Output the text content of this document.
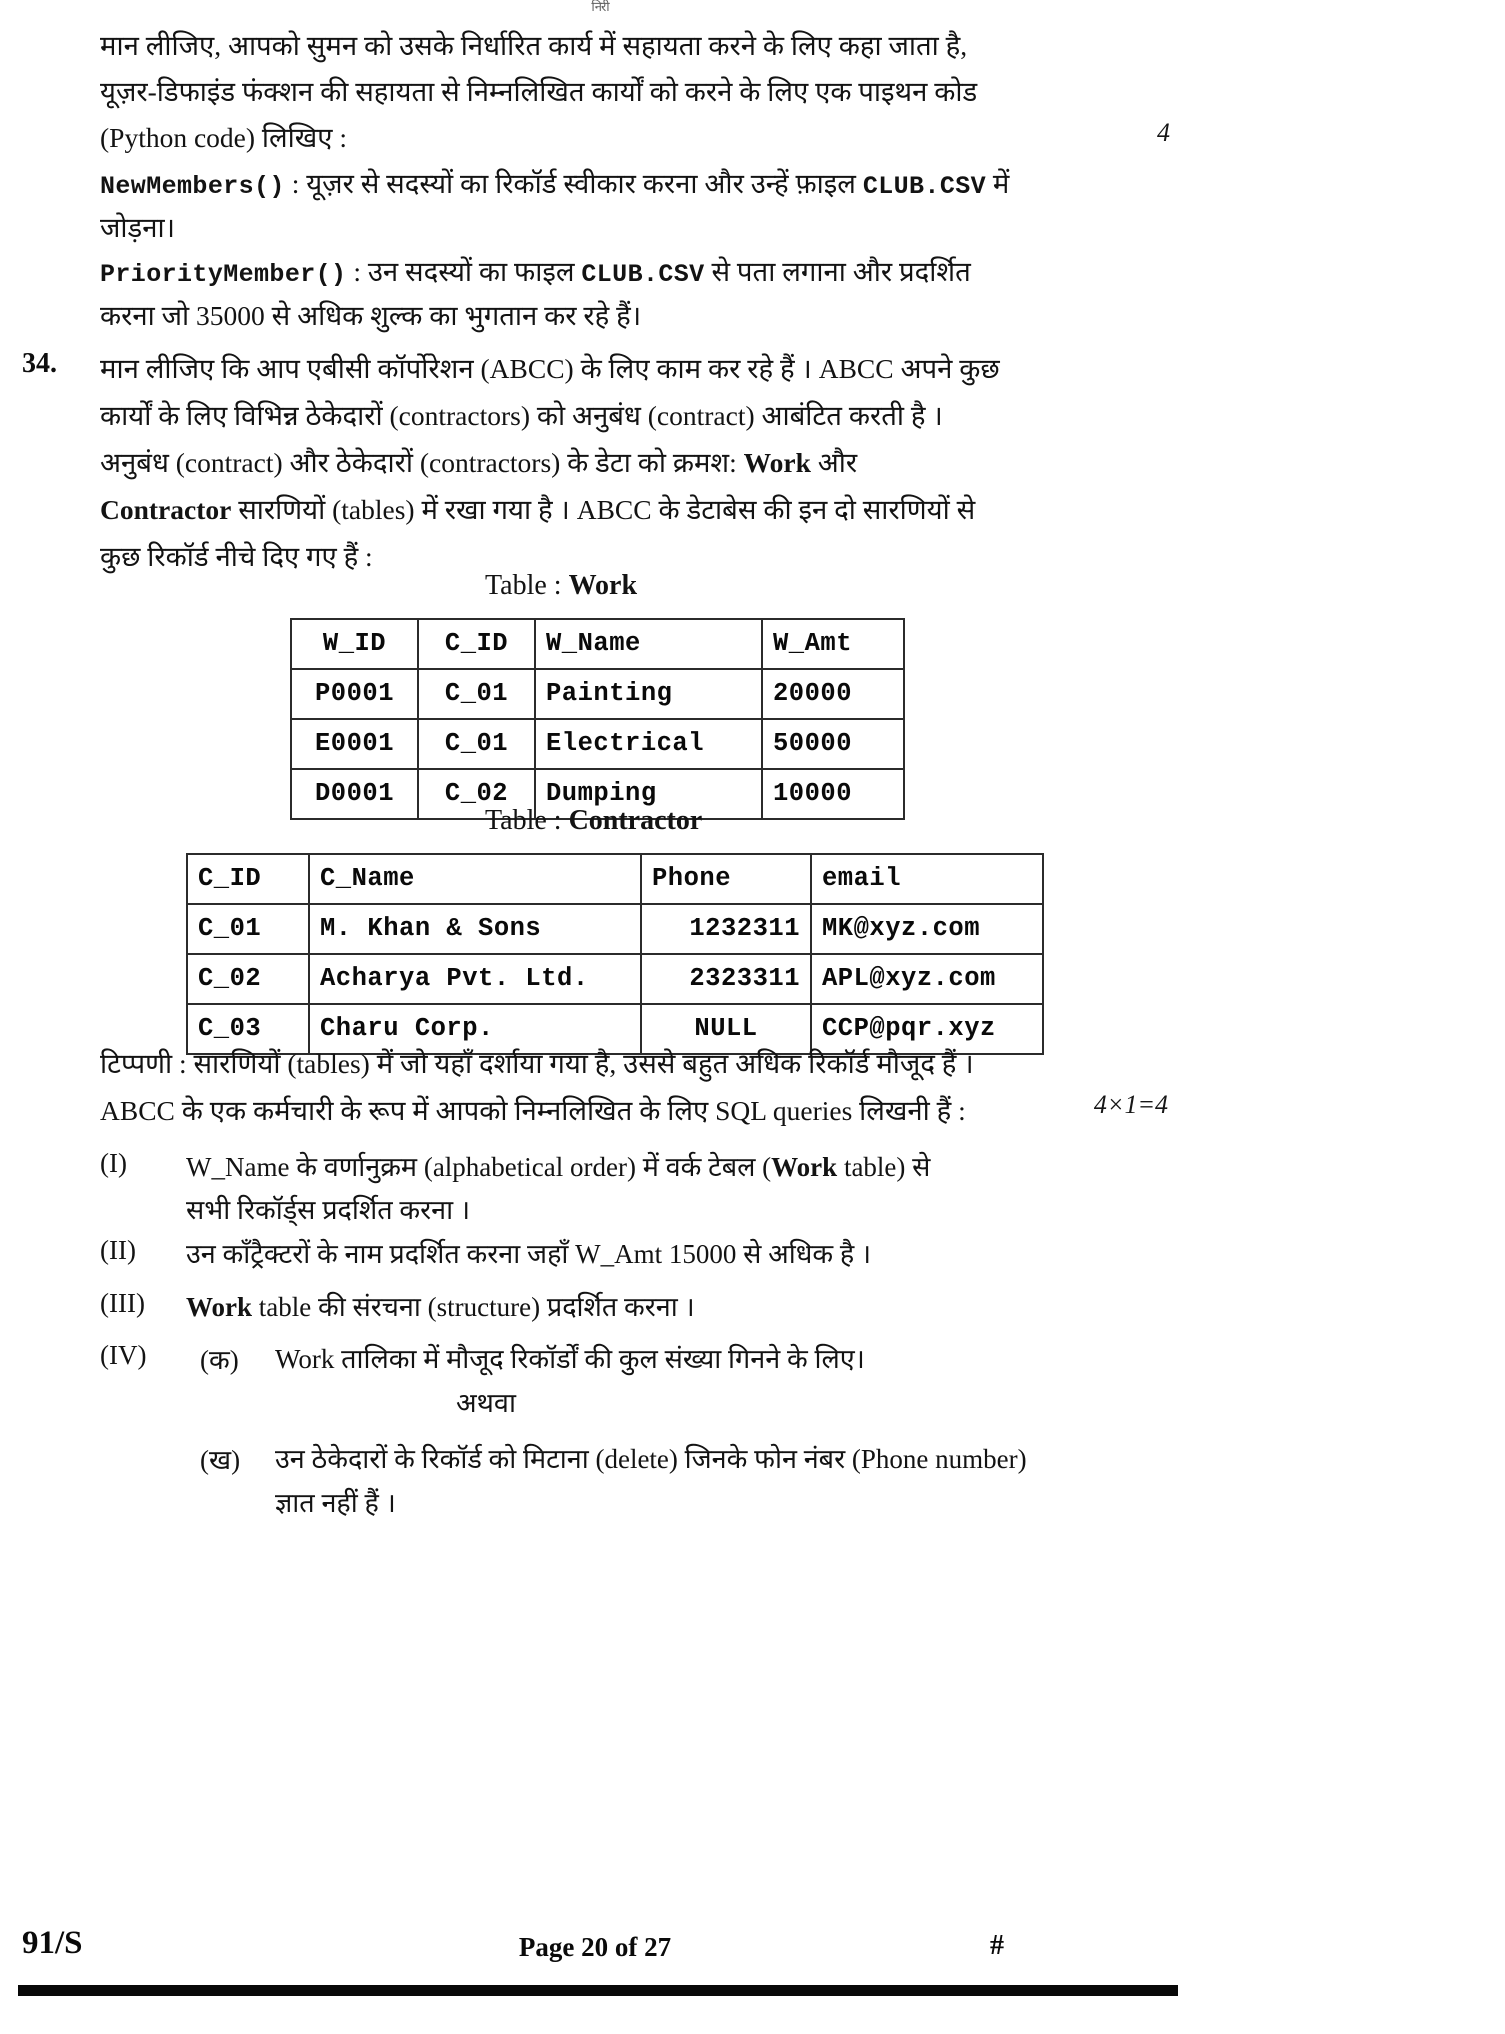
निरी
मान लीजिए, आपको सुमन को उसके निर्धारित कार्य में सहायता करने के लिए कहा जाता है,
यूज़र-डिफाइंड फंक्शन की सहायता से निम्नलिखित कार्यों को करने के लिए एक पाइथन कोड
(Python code) लिखिए :	4
NewMembers() : यूज़र से सदस्यों का रिकॉर्ड स्वीकार करना और उन्हें फ़ाइल CLUB.CSV में
जोड़ना।
PriorityMember() : उन सदस्यों का फाइल CLUB.CSV से पता लगाना और प्रदर्शित
करना जो 35000 से अधिक शुल्क का भुगतान कर रहे हैं।
34. मान लीजिए कि आप एबीसी कॉर्पोरेशन (ABCC) के लिए काम कर रहे हैं । ABCC अपने कुछ
कार्यों के लिए विभिन्न ठेकेदारों (contractors) को अनुबंध (contract) आबंटित करती है ।
अनुबंध (contract) और ठेकेदारों (contractors) के डेटा को क्रमश: Work और
Contractor सारणियों (tables) में रखा गया है । ABCC के डेटाबेस की इन दो सारणियों से
कुछ रिकॉर्ड नीचे दिए गए हैं :
Table : Work
W_ID	C_ID	W_Name	W_Amt
P0001	C_01	Painting	20000
E0001	C_01	Electrical	50000
D0001	C_02	Dumping	10000
Table : Contractor
C_ID	C_Name	Phone	email
C_01	M. Khan & Sons	1232311	MK@xyz.com
C_02	Acharya Pvt. Ltd.	2323311	APL@xyz.com
C_03	Charu Corp.	NULL	CCP@pqr.xyz
टिप्पणी : सारणियों (tables) में जो यहाँ दर्शाया गया है, उससे बहुत अधिक रिकॉर्ड मौजूद हैं ।
ABCC के एक कर्मचारी के रूप में आपको निम्नलिखित के लिए SQL queries लिखनी हैं :	4×1=4
(I) W_Name के वर्णानुक्रम (alphabetical order) में वर्क टेबल (Work table) से
सभी रिकॉर्ड्स प्रदर्शित करना ।
(II) उन काँट्रैक्टरों के नाम प्रदर्शित करना जहाँ W_Amt 15000 से अधिक है ।
(III) Work table की संरचना (structure) प्रदर्शित करना ।
(IV) (क) Work तालिका में मौजूद रिकॉर्डों की कुल संख्या गिनने के लिए।
अथवा
(ख) उन ठेकेदारों के रिकॉर्ड को मिटाना (delete) जिनके फोन नंबर (Phone number)
ज्ञात नहीं हैं ।
91/S	Page 20 of 27	#
